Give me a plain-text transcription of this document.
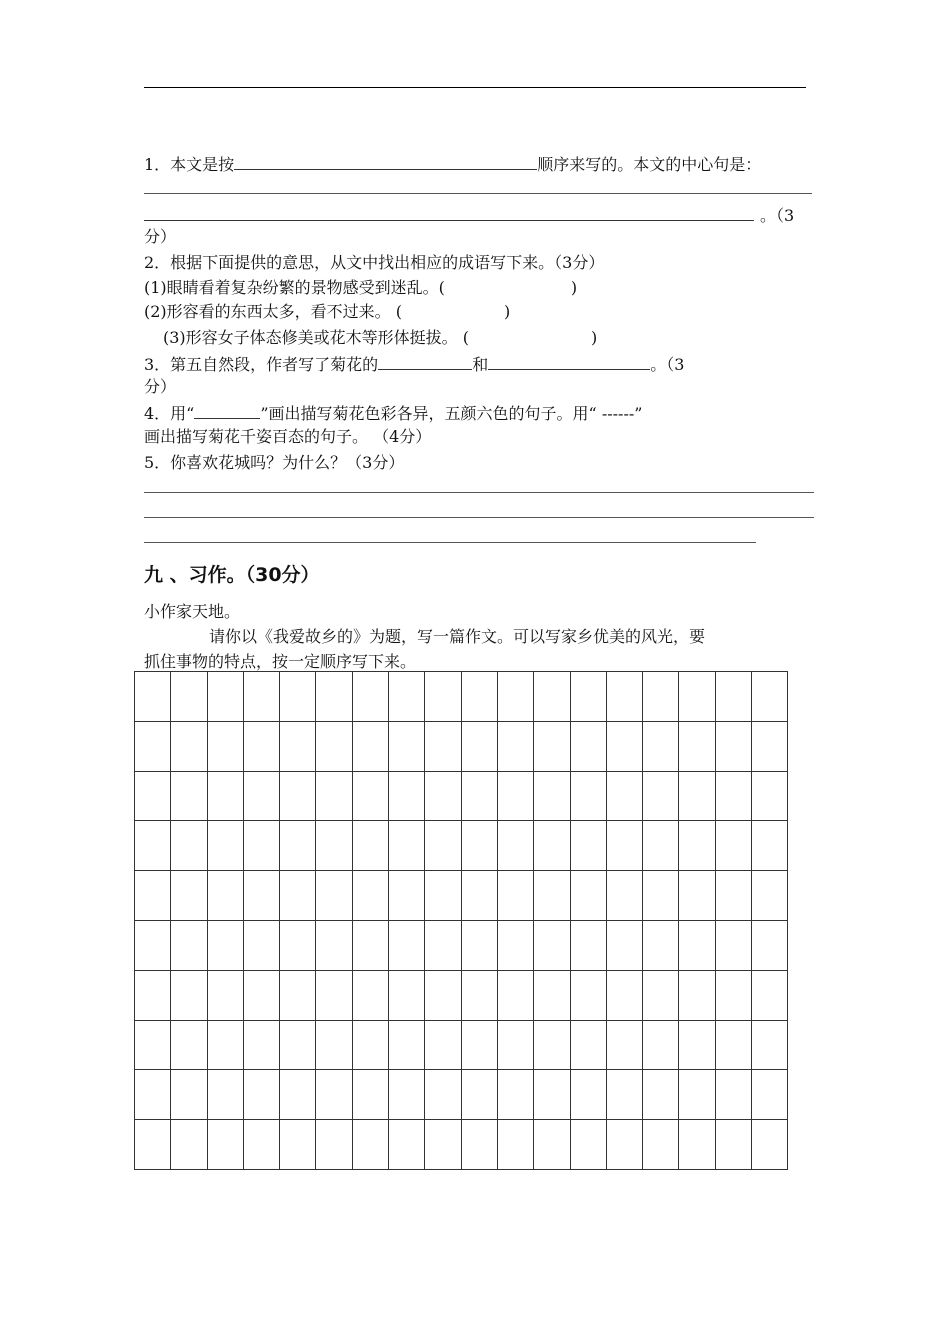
1．本文是按	顺序来写的。本文的中心句是：
。（3
分）
2．根据下面提供的意思，从文中找出相应的成语写下来。（3分）
(1)眼睛看着复杂纷繁的景物感受到迷乱。(	)
(2)形容看的东西太多，看不过来。 (	)
(3)形容女子体态修美或花木等形体挺拔。 (	)
3．第五自然段，作者写了菊花的	和	。（3
分）
4．用“	”画出描写菊花色彩各异，五颜六色的句子。用“ ------”
画出描写菊花千姿百态的句子。 （4分）
5．你喜欢花城吗？为什么？（3分）
九 、习作。（30分）
小作家天地。
请你以《我爱故乡的》为题，写一篇作文。可以写家乡优美的风光，要
抓住事物的特点，按一定顺序写下来。
